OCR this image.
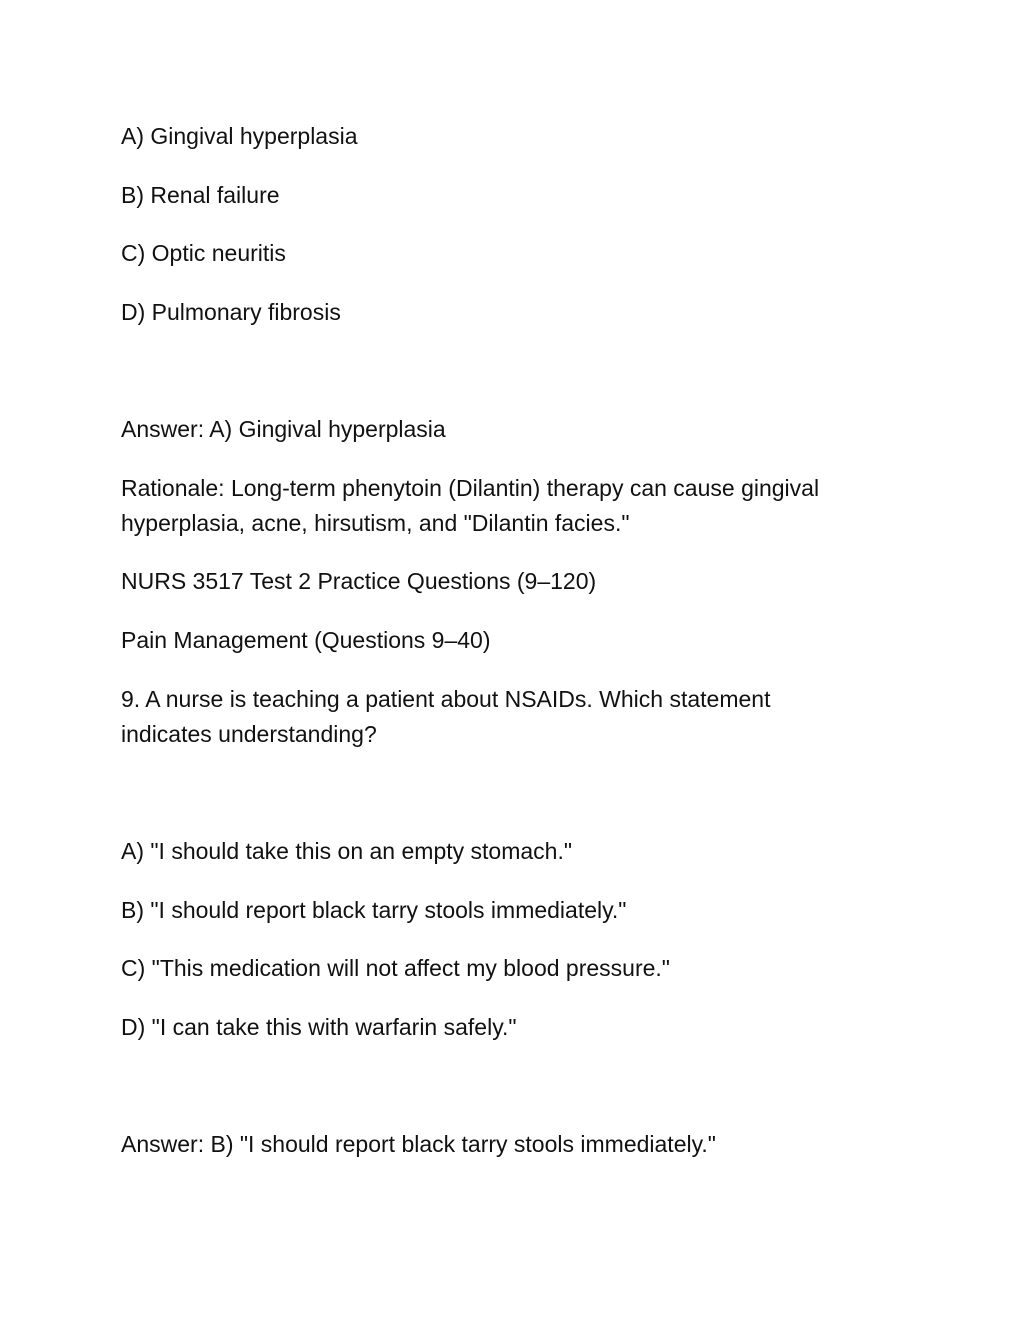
A) Gingival hyperplasia
B) Renal failure
C) Optic neuritis
D) Pulmonary fibrosis
Answer: A) Gingival hyperplasia
Rationale: Long-term phenytoin (Dilantin) therapy can cause gingival hyperplasia, acne, hirsutism, and "Dilantin facies."
NURS 3517 Test 2 Practice Questions (9–120)
Pain Management (Questions 9–40)
9. A nurse is teaching a patient about NSAIDs. Which statement indicates understanding?
A) "I should take this on an empty stomach."
B) "I should report black tarry stools immediately."
C) "This medication will not affect my blood pressure."
D) "I can take this with warfarin safely."
Answer: B) "I should report black tarry stools immediately."
